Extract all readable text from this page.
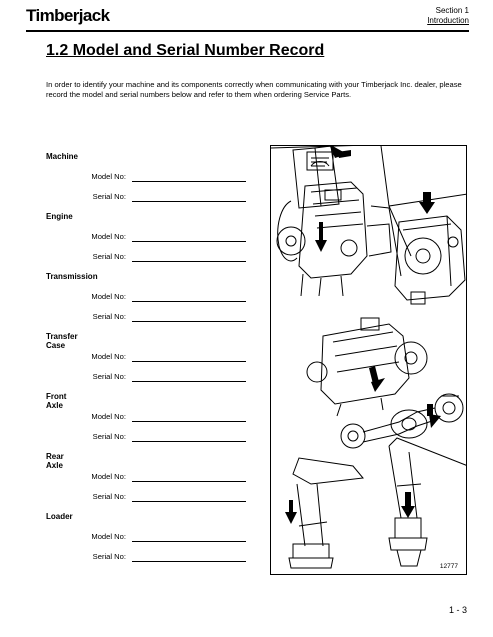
Timberjack	Section 1
Introduction
1.2 Model and Serial Number Record

In order to identify your machine and its components correctly when communicating with your Timberjack Inc. dealer, please record the model and serial numbers below and refer to them when ordering Service Parts.

Machine
Model No:
Serial No:
Engine
Model No:
Serial No:
Transmission
Model No:
Serial No:
Transfer Case
Model No:
Serial No:
Front Axle
Model No:
Serial No:
Rear Axle
Model No:
Serial No:
Loader
Model No:
Serial No:
12777
1 - 3
